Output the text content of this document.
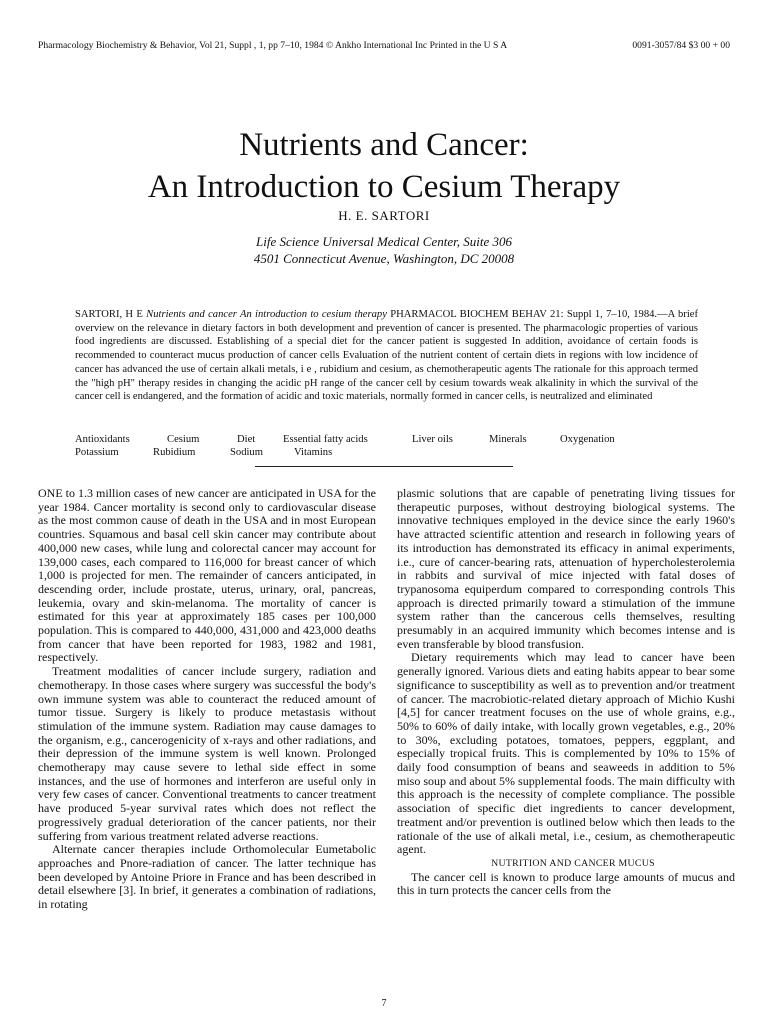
Pharmacology Biochemistry & Behavior, Vol 21, Suppl , 1, pp 7–10, 1984 © Ankho International Inc Printed in the U S A	0091-3057/84 $3 00 + 00
Nutrients and Cancer:
An Introduction to Cesium Therapy
H. E. SARTORI
Life Science Universal Medical Center, Suite 306
4501 Connecticut Avenue, Washington, DC 20008
SARTORI, H E Nutrients and cancer An introduction to cesium therapy PHARMACOL BIOCHEM BEHAV 21: Suppl 1, 7–10, 1984.—A brief overview on the relevance in dietary factors in both development and prevention of cancer is presented. The pharmacologic properties of various food ingredients are discussed. Establishing of a special diet for the cancer patient is suggested In addition, avoidance of certain foods is recommended to counteract mucus production of cancer cells Evaluation of the nutrient content of certain diets in regions with low incidence of cancer has advanced the use of certain alkali metals, i e , rubidium and cesium, as chemotherapeutic agents The rationale for this approach termed the "high pH" therapy resides in changing the acidic pH range of the cancer cell by cesium towards weak alkalinity in which the survival of the cancer cell is endangered, and the formation of acidic and toxic materials, normally formed in cancer cells, is neutralized and eliminated
Antioxidants	Cesium	Diet	Essential fatty acids	Liver oils	Minerals	Oxygenation
Potassium	Rubidium	Sodium	Vitamins

ONE to 1.3 million cases of new cancer are anticipated in USA for the year 1984. Cancer mortality is second only to cardiovascular disease as the most common cause of death in the USA and in most European countries. Squamous and basal cell skin cancer may contribute about 400,000 new cases, while lung and colorectal cancer may account for 139,000 cases, each compared to 116,000 for breast cancer of which 1,000 is projected for men. The remainder of cancers anticipated, in descending order, include prostate, uterus, urinary, oral, pancreas, leukemia, ovary and skin-melanoma. The mortality of cancer is estimated for this year at approximately 185 cases per 100,000 population. This is compared to 440,000, 431,000 and 423,000 deaths from cancer that have been reported for 1983, 1982 and 1981, respectively.

Treatment modalities of cancer include surgery, radiation and chemotherapy. In those cases where surgery was successful the body's own immune system was able to counteract the reduced amount of tumor tissue. Surgery is likely to produce metastasis without stimulation of the immune system. Radiation may cause damages to the organism, e.g., cancerogenicity of x-rays and other radiations, and their depression of the immune system is well known. Prolonged chemotherapy may cause severe to lethal side effect in some instances, and the use of hormones and interferon are useful only in very few cases of cancer. Conventional treatments to cancer treatment have produced 5-year survival rates which does not reflect the progressively gradual deterioration of the cancer patients, nor their suffering from various treatment related adverse reactions.

Alternate cancer therapies include Orthomolecular Eumetabolic approaches and Pnore-radiation of cancer. The latter technique has been developed by Antoine Priore in France and has been described in detail elsewhere [3]. In brief, it generates a combination of radiations, in rotating

plasmic solutions that are capable of penetrating living tissues for therapeutic purposes, without destroying biological systems. The innovative techniques employed in the device since the early 1960's have attracted scientific attention and research in following years of its introduction has demonstrated its efficacy in animal experiments, i.e., cure of cancer-bearing rats, attenuation of hypercholesterolemia in rabbits and survival of mice injected with fatal doses of trypanosoma equiperdum compared to corresponding controls This approach is directed primarily toward a stimulation of the immune system rather than the cancerous cells themselves, resulting presumably in an acquired immunity which becomes intense and is even transferable by blood transfusion.

Dietary requirements which may lead to cancer have been generally ignored. Various diets and eating habits appear to bear some significance to susceptibility as well as to prevention and/or treatment of cancer. The macrobiotic-related dietary approach of Michio Kushi [4,5] for cancer treatment focuses on the use of whole grains, e.g., 50% to 60% of daily intake, with locally grown vegetables, e.g., 20% to 30%, excluding potatoes, tomatoes, peppers, eggplant, and especially tropical fruits. This is complemented by 10% to 15% of daily food consumption of beans and seaweeds in addition to 5% miso soup and about 5% supplemental foods. The main difficulty with this approach is the necessity of complete compliance. The possible association of specific diet ingredients to cancer development, treatment and/or prevention is outlined below which then leads to the rationale of the use of alkali metal, i.e., cesium, as chemotherapeutic agent.

NUTRITION AND CANCER MUCUS

The cancer cell is known to produce large amounts of mucus and this in turn protects the cancer cells from the

7
